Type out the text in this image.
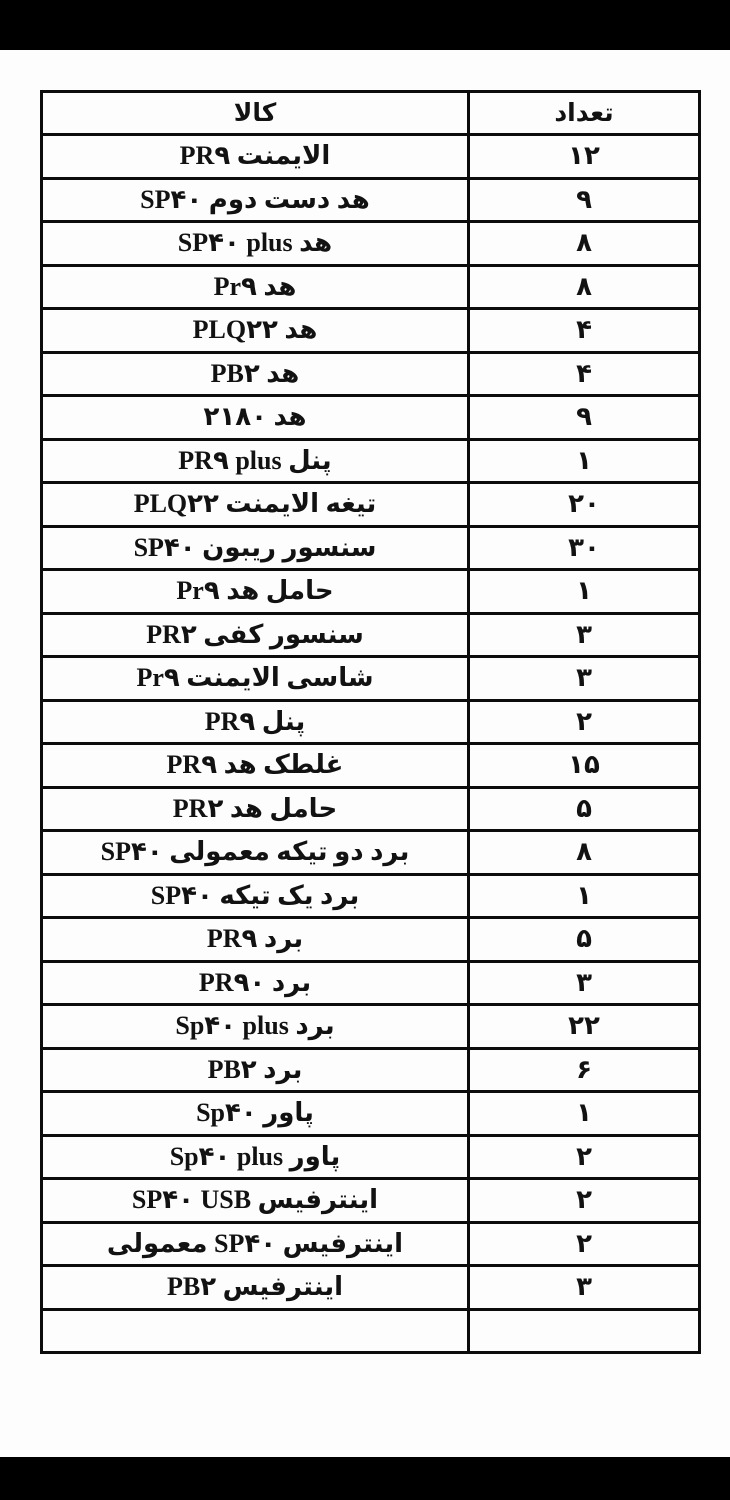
کالا	تعداد
الایمنت PR۹	۱۲
هد دست دوم SP۴۰	۹
هد SP۴۰ plus	۸
هد Pr۹	۸
هد PLQ۲۲	۴
هد PB۲	۴
هد ۲۱۸۰	۹
پنل PR۹ plus	۱
تیغه الایمنت PLQ۲۲	۲۰
سنسور ریبون SP۴۰	۳۰
حامل هد Pr۹	۱
سنسور کفی PR۲	۳
شاسی الایمنت Pr۹	۳
پنل PR۹	۲
غلطک هد PR۹	۱۵
حامل هد PR۲	۵
برد دو تیکه معمولی SP۴۰	۸
برد یک تیکه SP۴۰	۱
برد PR۹	۵
برد PR۹۰	۳
برد Sp۴۰ plus	۲۲
برد PB۲	۶
پاور Sp۴۰	۱
پاور Sp۴۰ plus	۲
اینترفیس SP۴۰ USB	۲
اینترفیس SP۴۰ معمولی	۲
اینترفیس PB۲	۳
